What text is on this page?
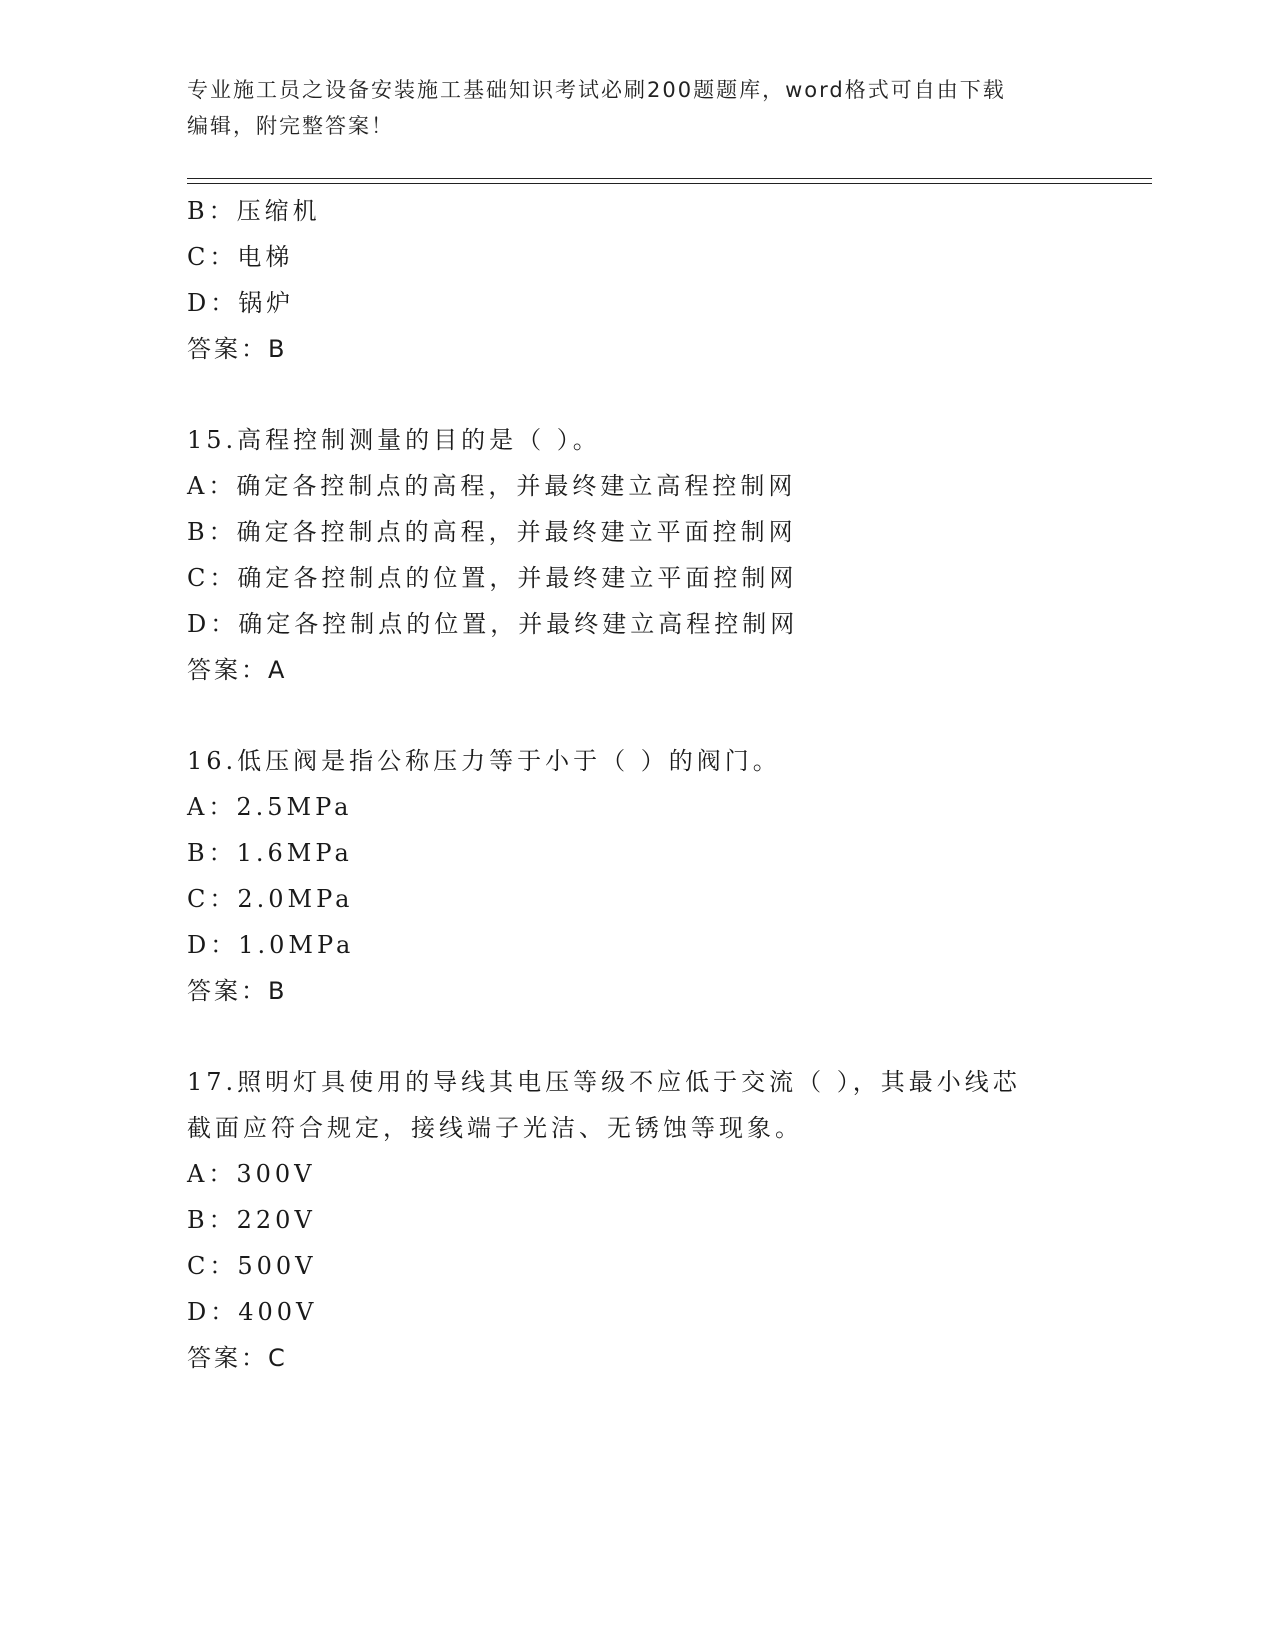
专业施工员之设备安装施工基础知识考试必刷200题题库，word格式可自由下载
编辑，附完整答案！
B：压缩机
C：电梯
D：锅炉
答案：B
15.高程控制测量的目的是（ ）。
A：确定各控制点的高程，并最终建立高程控制网
B：确定各控制点的高程，并最终建立平面控制网
C：确定各控制点的位置，并最终建立平面控制网
D：确定各控制点的位置，并最终建立高程控制网
答案：A
16.低压阀是指公称压力等于小于（ ）的阀门。
A：2.5MPa
B：1.6MPa
C：2.0MPa
D：1.0MPa
答案：B
17.照明灯具使用的导线其电压等级不应低于交流（ ），其最小线芯
截面应符合规定，接线端子光洁、无锈蚀等现象。
A：300V
B：220V
C：500V
D：400V
答案：C
